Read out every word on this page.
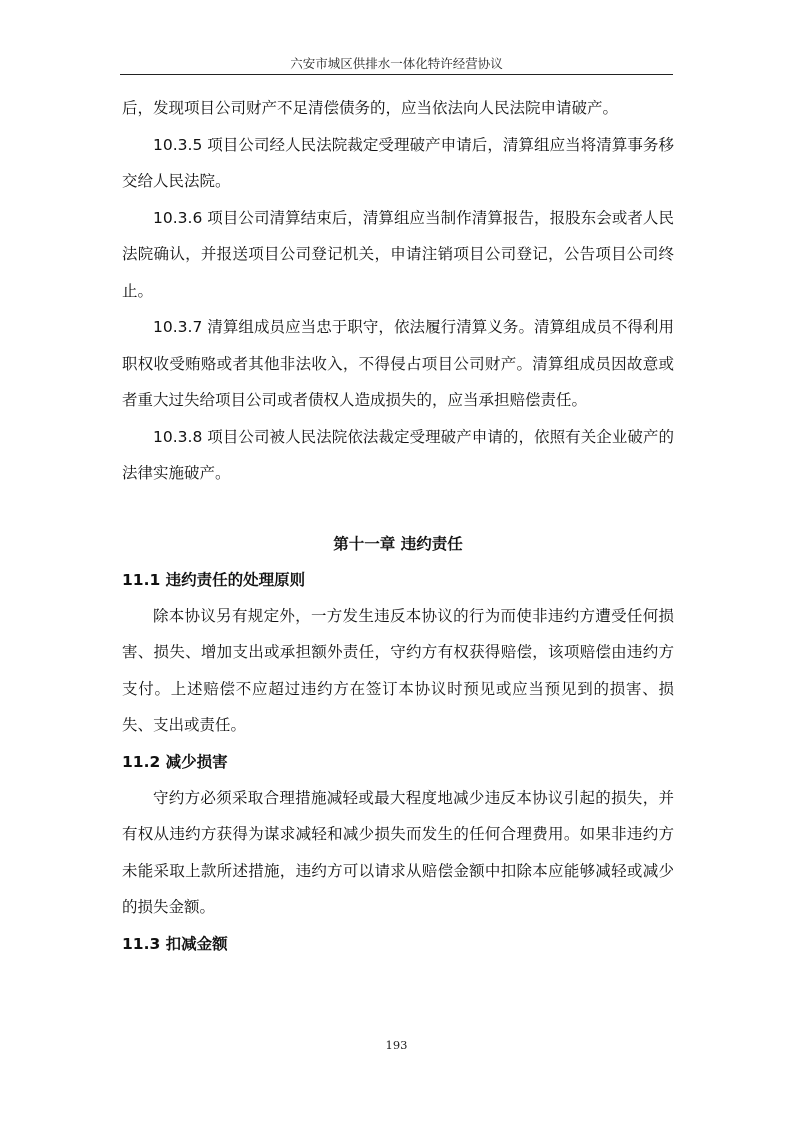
六安市城区供排水一体化特许经营协议

后，发现项目公司财产不足清偿债务的，应当依法向人民法院申请破产。

10.3.5 项目公司经人民法院裁定受理破产申请后，清算组应当将清算事务移交给人民法院。

10.3.6 项目公司清算结束后，清算组应当制作清算报告，报股东会或者人民法院确认，并报送项目公司登记机关，申请注销项目公司登记，公告项目公司终止。

10.3.7 清算组成员应当忠于职守，依法履行清算义务。清算组成员不得利用职权收受贿赂或者其他非法收入，不得侵占项目公司财产。清算组成员因故意或者重大过失给项目公司或者债权人造成损失的，应当承担赔偿责任。

10.3.8 项目公司被人民法院依法裁定受理破产申请的，依照有关企业破产的法律实施破产。

第十一章 违约责任
11.1 违约责任的处理原则

除本协议另有规定外，一方发生违反本协议的行为而使非违约方遭受任何损害、损失、增加支出或承担额外责任，守约方有权获得赔偿，该项赔偿由违约方支付。上述赔偿不应超过违约方在签订本协议时预见或应当预见到的损害、损失、支出或责任。

11.2 减少损害

守约方必须采取合理措施减轻或最大程度地减少违反本协议引起的损失，并有权从违约方获得为谋求减轻和减少损失而发生的任何合理费用。如果非违约方未能采取上款所述措施，违约方可以请求从赔偿金额中扣除本应能够减轻或减少的损失金额。

11.3 扣减金额
193
